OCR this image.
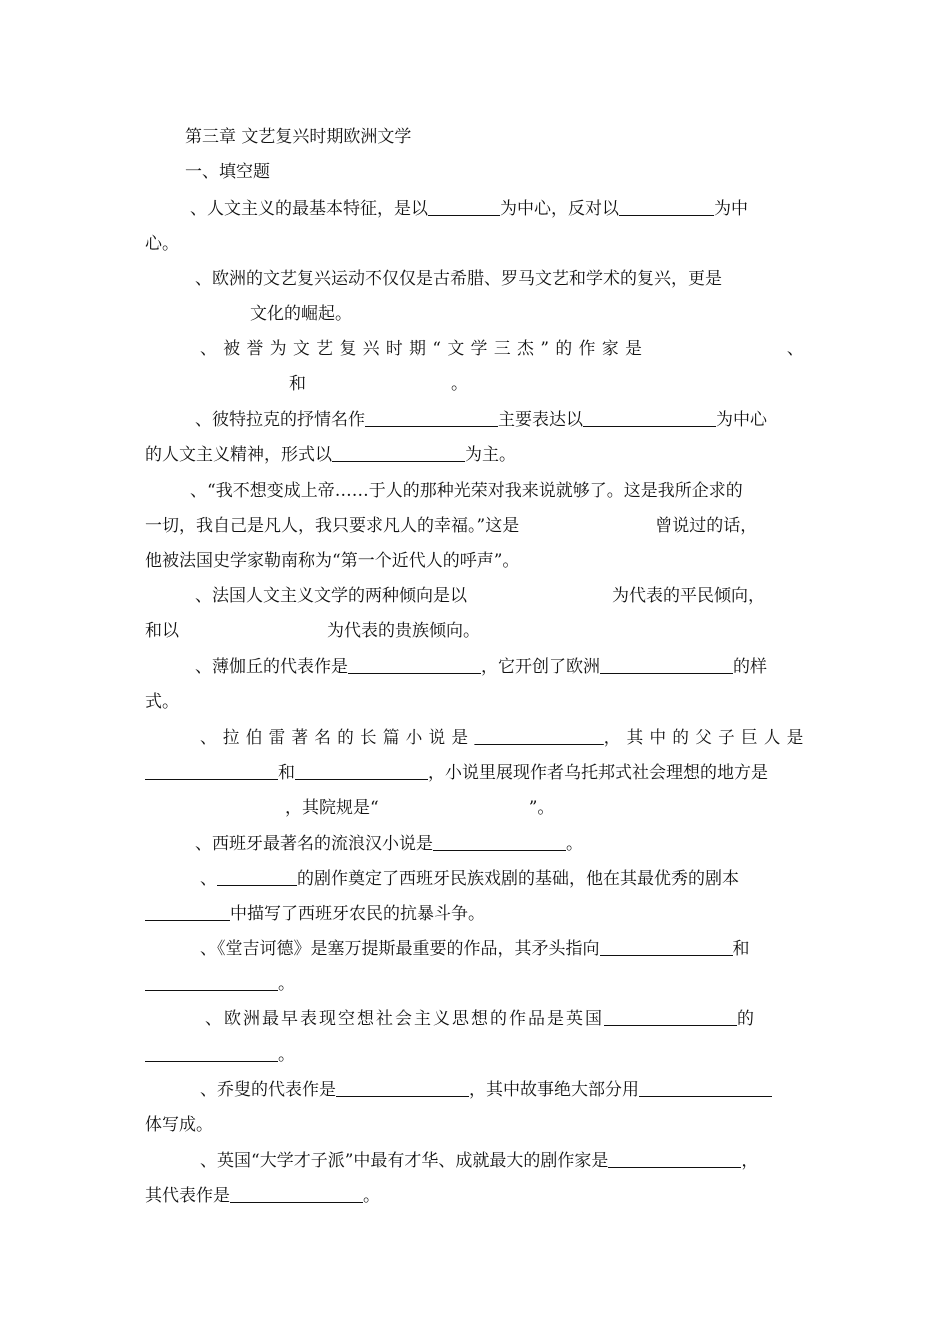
第三章 文艺复兴时期欧洲文学
一、填空题
、人文主义的最基本特征，是以	为中心，反对以	为中
心。
、欧洲的文艺复兴运动不仅仅是古希腊、罗马文艺和学术的复兴，更是
文化的崛起。
、被誉为文艺复兴时期“文学三杰”的作家是	、
和	。
、彼特拉克的抒情名作	主要表达以	为中心
的人文主义精神，形式以	为主。
、“我不想变成上帝……于人的那种光荣对我来说就够了。这是我所企求的
一切，我自己是凡人，我只要求凡人的幸福。”这是	曾说过的话，
他被法国史学家勒南称为“第一个近代人的呼声”。
、法国人文主义文学的两种倾向是以	为代表的平民倾向，
和以	为代表的贵族倾向。
、薄伽丘的代表作是	，它开创了欧洲	的样
式。
、拉伯雷著名的长篇小说是	，其中的父子巨人是
和	，小说里展现作者乌托邦式社会理想的地方是
，其院规是“	”。
、西班牙最著名的流浪汉小说是	。
、	的剧作奠定了西班牙民族戏剧的基础，他在其最优秀的剧本
中描写了西班牙农民的抗暴斗争。
、《堂吉诃德》是塞万提斯最重要的作品，其矛头指向	和
。
、欧洲最早表现空想社会主义思想的作品是英国	的
。
、乔叟的代表作是	，其中故事绝大部分用
体写成。
、英国“大学才子派”中最有才华、成就最大的剧作家是	，
其代表作是	。
